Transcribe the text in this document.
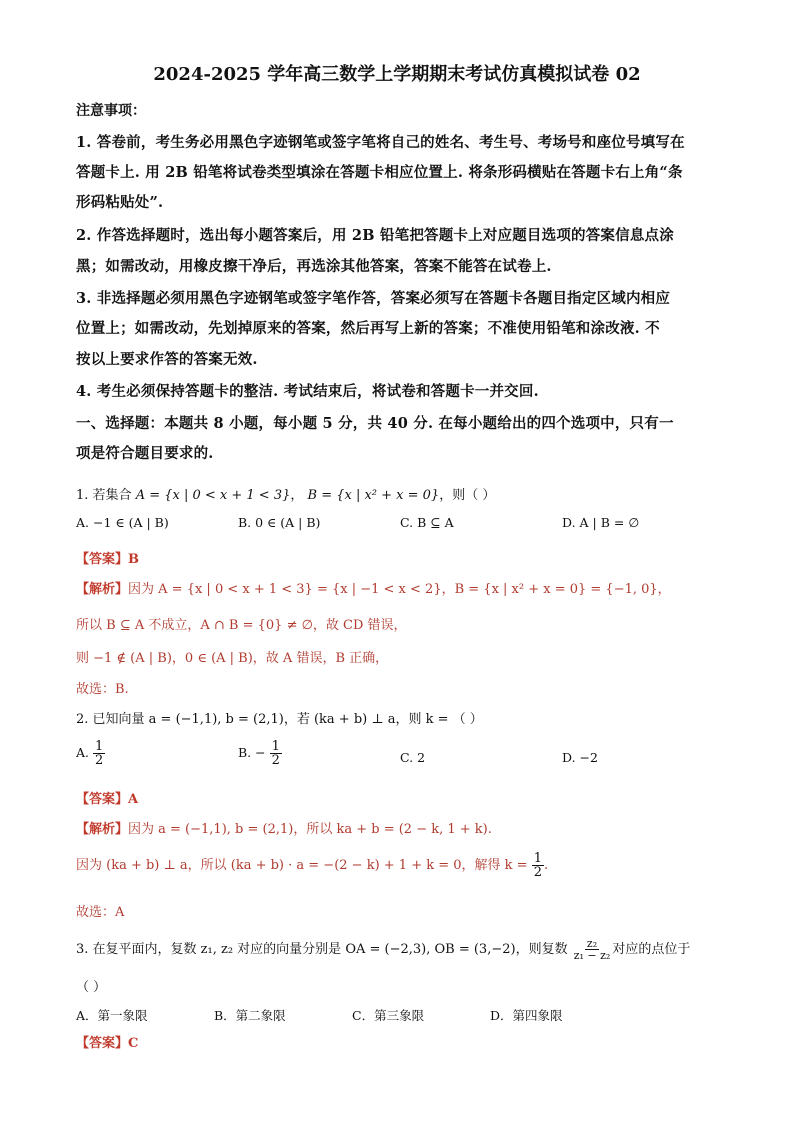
2024-2025 学年高三数学上学期期末考试仿真模拟试卷 02
注意事项：
1. 答卷前，考生务必用黑色字迹钢笔或签字笔将自己的姓名、考生号、考场号和座位号填写在
答题卡上. 用 2B 铅笔将试卷类型填涂在答题卡相应位置上. 将条形码横贴在答题卡右上角“条
形码粘贴处”.
2. 作答选择题时，选出每小题答案后，用 2B 铅笔把答题卡上对应题目选项的答案信息点涂
黑；如需改动，用橡皮擦干净后，再选涂其他答案，答案不能答在试卷上.
3. 非选择题必须用黑色字迹钢笔或签字笔作答，答案必须写在答题卡各题目指定区域内相应
位置上；如需改动，先划掉原来的答案，然后再写上新的答案；不准使用铅笔和涂改液. 不
按以上要求作答的答案无效.
4. 考生必须保持答题卡的整洁. 考试结束后，将试卷和答题卡一并交回.
一、选择题：本题共 8 小题，每小题 5 分，共 40 分. 在每小题给出的四个选项中，只有一
项是符合题目要求的.
1. 若集合 A = {x | 0 < x + 1 < 3}， B = {x | x² + x = 0}，则（ ）
A. −1 ∈ (A | B)	B. 0 ∈ (A | B)	C. B ⊆ A	D. A | B = ∅
【答案】B
【解析】因为 A = {x | 0 < x + 1 < 3} = {x | −1 < x < 2}，B = {x | x² + x = 0} = {−1, 0}，
所以 B ⊆ A 不成立，A ∩ B = {0} ≠ ∅，故 CD 错误，
则 −1 ∉ (A | B)，0 ∈ (A | B)，故 A 错误，B 正确，
故选：B.
2. 已知向量 a = (−1,1), b = (2,1)，若 (ka + b) ⊥ a，则 k = （ ）
A. $\frac{1}{2}$	B. − $\frac{1}{2}$	C. 2	D. −2
【答案】A
【解析】因为 a = (−1,1), b = (2,1)，所以 ka + b = (2 − k, 1 + k).
因为 (ka + b) ⊥ a，所以 (ka + b) · a = −(2 − k) + 1 + k = 0，解得 $k = \frac{1}{2}$ .
故选：A
3. 在复平面内，复数 z₁, z₂ 对应的向量分别是 OA = (−2,3), OB = (3,−2)，则复数 $\frac{\text{z₂}}{\text{z₁ − z₂}}$ 对应的点位于
（ ）
A．第一象限	B．第二象限	C．第三象限	D．第四象限
【答案】C
